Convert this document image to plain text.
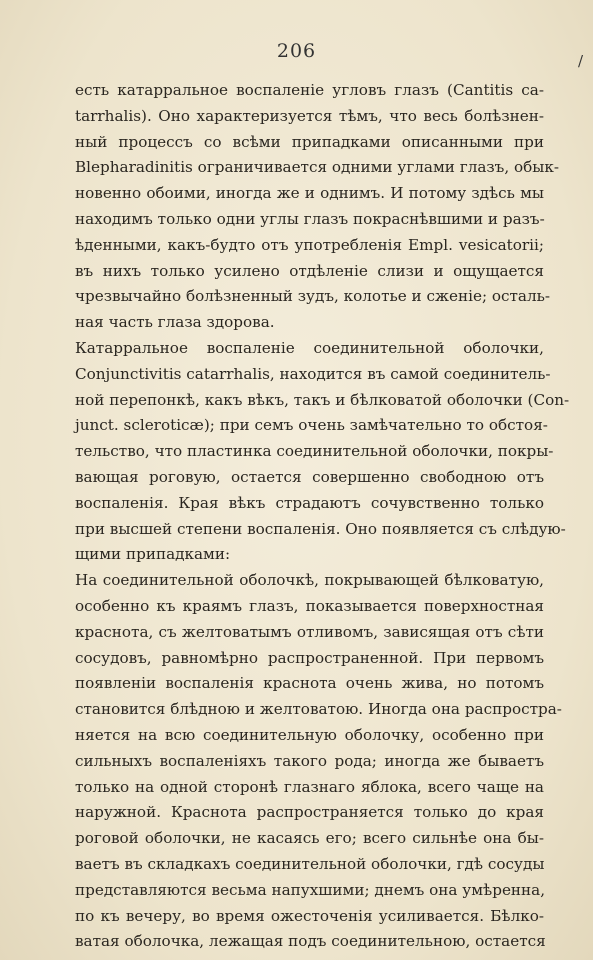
206	/
есть катарральное воспаленіе угловъ глазъ (Cantitis ca-
tarrhalis). Оно характеризуется тѣмъ, что весь болѣзнен-
ный процессъ со всѣми припадками описанными при
Blepharadinitis ограничивается одними углами глазъ, обык-
новенно обоими, иногда же и однимъ. И потому здѣсь мы
находимъ только одни углы глазъ покраснѣвшими и разъ-
ѣденными, какъ-будто отъ употребленія Empl. vesicatorii;
въ нихъ только усилено отдѣленіе слизи и ощущается
чрезвычайно болѣзненный зудъ, колотье и сженіе; осталь-
ная часть глаза здорова.
Катарральное воспаленіе соединительной оболочки,
Conjunctivitis catarrhalis, находится въ самой соединитель-
ной перепонкѣ, какъ вѣкъ, такъ и бѣлковатой оболочки (Con-
junct. scleroticæ); при семъ очень замѣчательно то обстоя-
тельство, что пластинка соединительной оболочки, покры-
вающая роговую, остается совершенно свободною отъ
воспаленія. Края вѣкъ страдаютъ сочувственно только
при высшей степени воспаленія. Оно появляется съ слѣдую-
щими припадками:
На соединительной оболочкѣ, покрывающей бѣлковатую,
особенно къ краямъ глазъ, показывается поверхностная
краснота, съ желтоватымъ отливомъ, зависящая отъ сѣти
сосудовъ, равномѣрно распространенной. При первомъ
появленіи воспаленія краснота очень жива, но потомъ
становится блѣдною и желтоватою. Иногда она распростра-
няется на всю соединительную оболочку, особенно при
сильныхъ воспаленіяхъ такого рода; иногда же бываетъ
только на одной сторонѣ глазнаго яблока, всего чаще на
наружной. Краснота распространяется только до края
роговой оболочки, не касаясь его; всего сильнѣе она бы-
ваетъ въ складкахъ соединительной оболочки, гдѣ сосуды
представляются весьма напухшими; днемъ она умѣренна,
по къ вечеру, во время ожесточенія усиливается. Бѣлко-
ватая оболочка, лежащая подъ соединительною, остается
